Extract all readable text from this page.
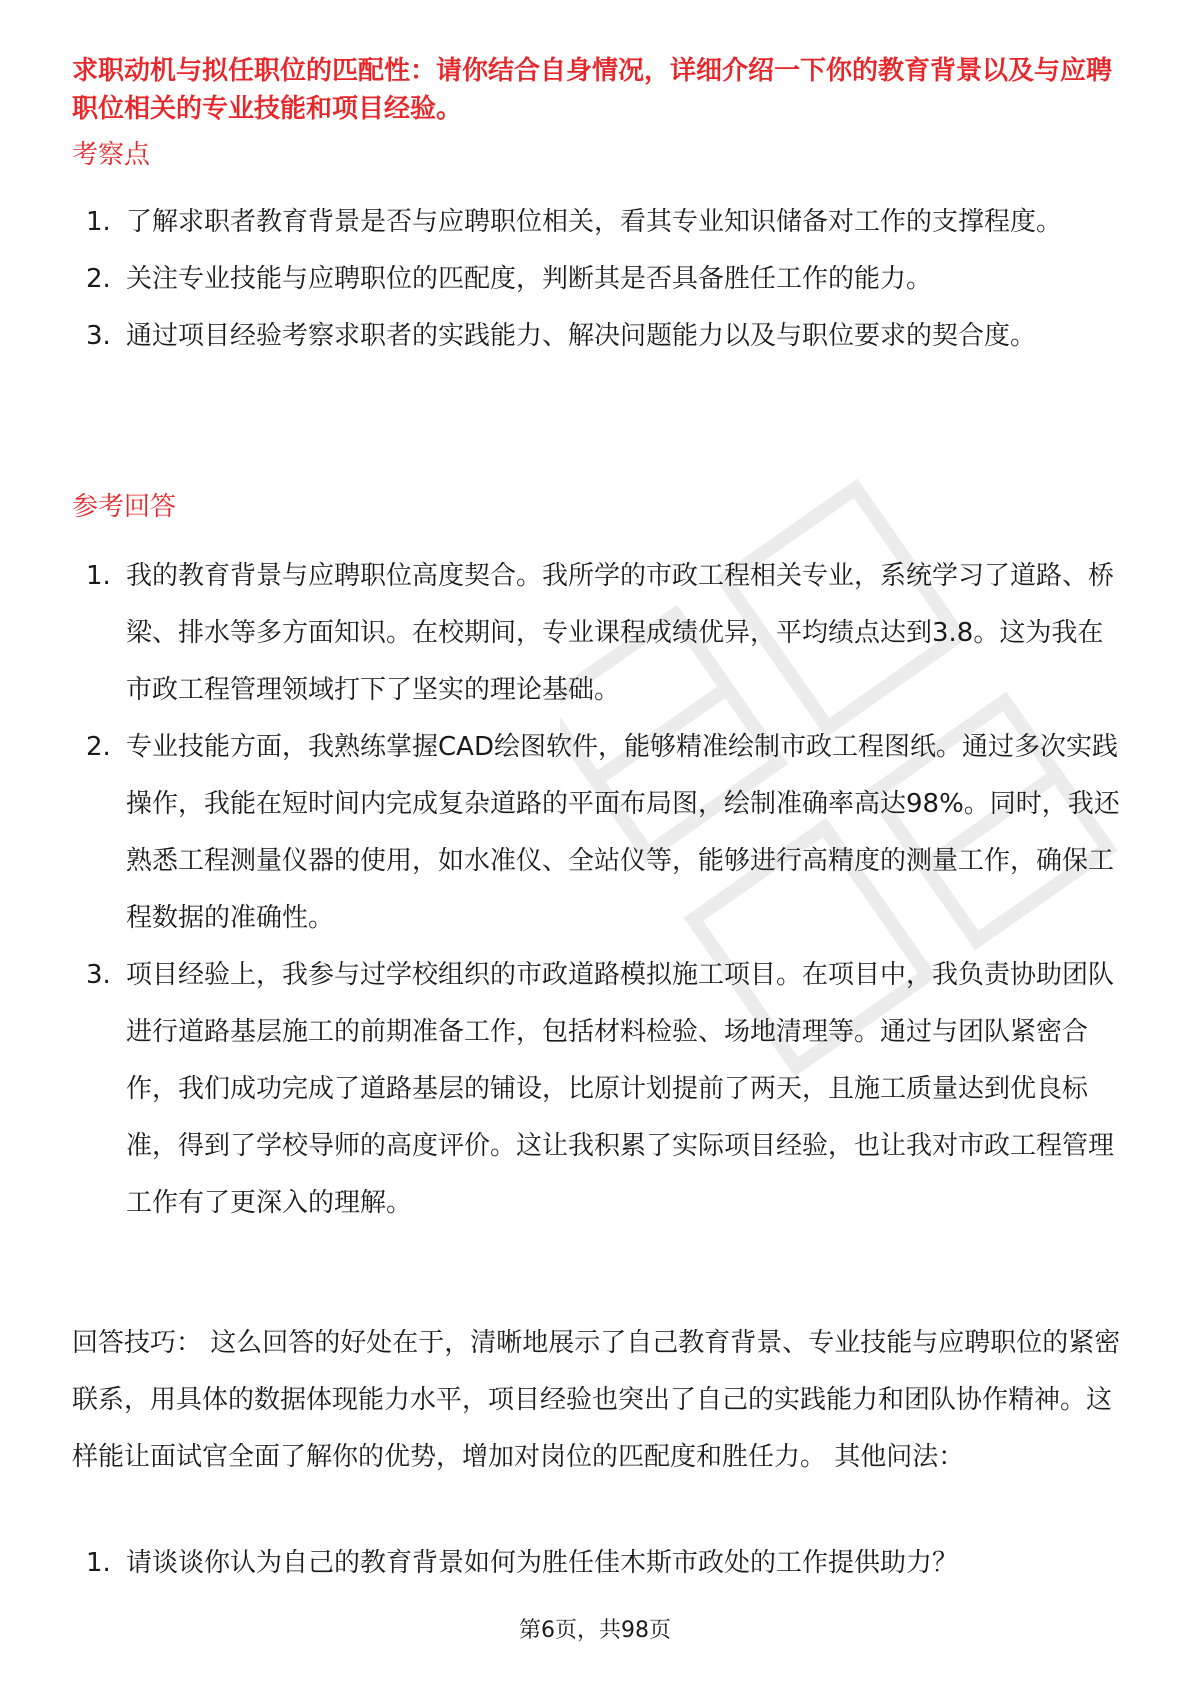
求职动机与拟任职位的匹配性：请你结合自身情况，详细介绍一下你的教育背景以及与应聘职位相关的专业技能和项目经验。
考察点
1. 了解求职者教育背景是否与应聘职位相关，看其专业知识储备对工作的支撑程度。
2. 关注专业技能与应聘职位的匹配度，判断其是否具备胜任工作的能力。
3. 通过项目经验考察求职者的实践能力、解决问题能力以及与职位要求的契合度。
参考回答
1. 我的教育背景与应聘职位高度契合。我所学的市政工程相关专业，系统学习了道路、桥梁、排水等多方面知识。在校期间，专业课程成绩优异，平均绩点达到3.8。这为我在市政工程管理领域打下了坚实的理论基础。
2. 专业技能方面，我熟练掌握CAD绘图软件，能够精准绘制市政工程图纸。通过多次实践操作，我能在短时间内完成复杂道路的平面布局图，绘制准确率高达98%。同时，我还熟悉工程测量仪器的使用，如水准仪、全站仪等，能够进行高精度的测量工作，确保工程数据的准确性。
3. 项目经验上，我参与过学校组织的市政道路模拟施工项目。在项目中，我负责协助团队进行道路基层施工的前期准备工作，包括材料检验、场地清理等。通过与团队紧密合作，我们成功完成了道路基层的铺设，比原计划提前了两天，且施工质量达到优良标准，得到了学校导师的高度评价。这让我积累了实际项目经验，也让我对市政工程管理工作有了更深入的理解。

回答技巧： 这么回答的好处在于，清晰地展示了自己教育背景、专业技能与应聘职位的紧密联系，用具体的数据体现能力水平，项目经验也突出了自己的实践能力和团队协作精神。这样能让面试官全面了解你的优势，增加对岗位的匹配度和胜任力。 其他问法：

1. 请谈谈你认为自己的教育背景如何为胜任佳木斯市政处的工作提供助力？
第6页，共98页
